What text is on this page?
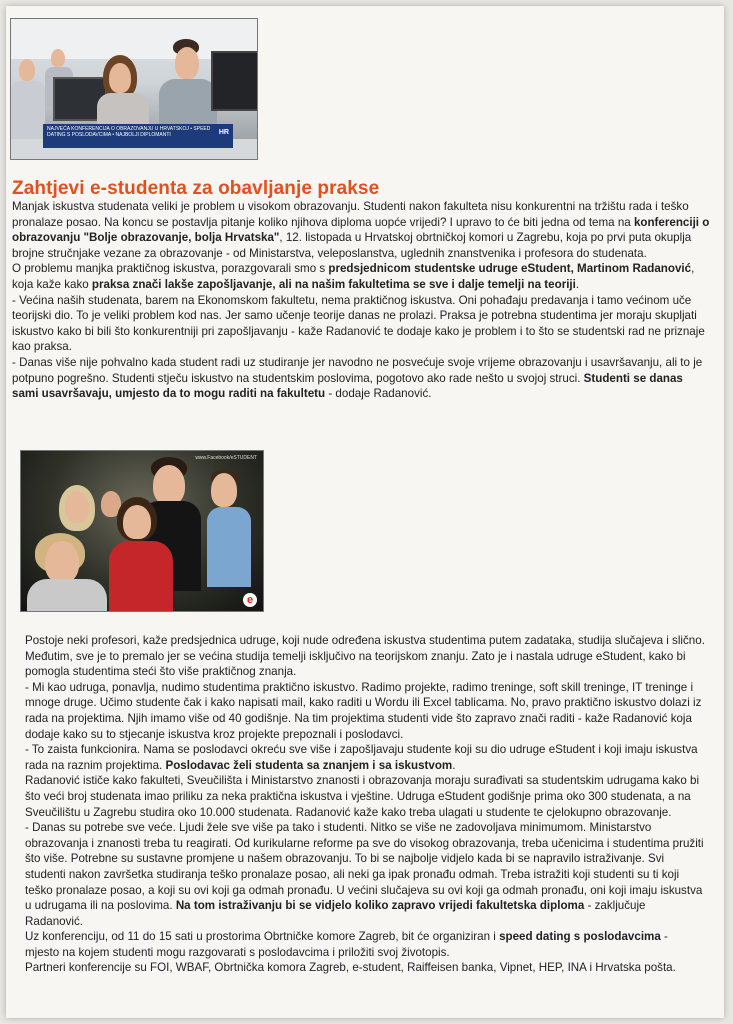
NAJVEĆA KONFERENCIJA O OBRAZOVANJU U HRVATSKOJ • SPEED DATING S POSLODAVCIMA • NAJBOLJI DIPLOMANTI	HR
Zahtjevi e-studenta za obavljanje prakse

Manjak iskustva studenata veliki je problem u visokom obrazovanju. Studenti nakon fakulteta nisu konkurentni na tržištu rada i teško pronalaze posao. Na koncu se postavlja pitanje koliko njihova diploma uopće vrijedi? I upravo to će biti jedna od tema na konferenciji o obrazovanju "Bolje obrazovanje, bolja Hrvatska", 12. listopada u Hrvatskoj obrtničkoj komori u Zagrebu, koja po prvi puta okuplja brojne stručnjake vezane za obrazovanje - od Ministarstva, veleposlanstva, uglednih znanstvenika i profesora do studenata.

O problemu manjka praktičnog iskustva, porazgovarali smo s predsjednicom studentske udruge eStudent, Martinom Radanović, koja kaže kako praksa znači lakše zapošljavanje, ali na našim fakultetima se sve i dalje temelji na teoriji.

- Većina naših studenata, barem na Ekonomskom fakultetu, nema praktičnog iskustva. Oni pohađaju predavanja i tamo većinom uče teorijski dio. To je veliki problem kod nas. Jer samo učenje teorije danas ne prolazi. Praksa je potrebna studentima jer moraju skupljati iskustvo kako bi bili što konkurentniji pri zapošljavanju - kaže Radanović te dodaje kako je problem i to što se studentski rad ne priznaje kao praksa.

- Danas više nije pohvalno kada student radi uz studiranje jer navodno ne posvećuje svoje vrijeme obrazovanju i usavršavanju, ali to je potpuno pogrešno. Studenti stječu iskustvo na studentskim poslovima, pogotovo ako rade nešto u svojoj struci. Studenti se danas sami usavršavaju, umjesto da to mogu raditi na fakultetu - dodaje Radanović.

www.Facebook/eSTUDENT
e

Postoje neki profesori, kaže predsjednica udruge, koji nude određena iskustva studentima putem zadataka, studija slučajeva i slično. Međutim, sve je to premalo jer se većina studija temelji isključivo na teorijskom znanju. Zato je i nastala udruge eStudent, kako bi pomogla studentima steći što više praktičnog znanja.

- Mi kao udruga, ponavlja, nudimo studentima praktično iskustvo. Radimo projekte, radimo treninge, soft skill treninge, IT treninge i mnoge druge. Učimo studente čak i kako napisati mail, kako raditi u Wordu ili Excel tablicama. No, pravo praktično iskustvo dolazi iz rada na projektima. Njih imamo više od 40 godišnje. Na tim projektima studenti vide što zapravo znači raditi - kaže Radanović koja dodaje kako su to stjecanje iskustva kroz projekte prepoznali i poslodavci.

- To zaista funkcionira. Nama se poslodavci okreću sve više i zapošljavaju studente koji su dio udruge eStudent i koji imaju iskustva rada na raznim projektima. Poslodavac želi studenta sa znanjem i sa iskustvom.

Radanović ističe kako fakulteti, Sveučilišta i Ministarstvo znanosti i obrazovanja moraju surađivati sa studentskim udrugama kako bi što veći broj studenata imao priliku za neka praktična iskustva i vještine. Udruga eStudent godišnje prima oko 300 studenata, a na Sveučilištu u Zagrebu studira oko 10.000 studenata. Radanović kaže kako treba ulagati u studente te cjelokupno obrazovanje.

- Danas su potrebe sve veće. Ljudi žele sve više pa tako i studenti. Nitko se više ne zadovoljava minimumom. Ministarstvo obrazovanja i znanosti treba tu reagirati. Od kurikularne reforme pa sve do visokog obrazovanja, treba učenicima i studentima pružiti što više. Potrebne su sustavne promjene u našem obrazovanju. To bi se najbolje vidjelo kada bi se napravilo istraživanje. Svi studenti nakon završetka studiranja teško pronalaze posao, ali neki ga ipak pronađu odmah. Treba istražiti koji studenti su ti koji teško pronalaze posao, a koji su ovi koji ga odmah pronađu. U većini slučajeva su ovi koji ga odmah pronađu, oni koji imaju iskustva u udrugama ili na poslovima. Na tom istraživanju bi se vidjelo koliko zapravo vrijedi fakultetska diploma - zaključuje Radanović.

Uz konferenciju, od 11 do 15 sati u prostorima Obrtničke komore Zagreb, bit će organiziran i speed dating s poslodavcima - mjesto na kojem studenti mogu razgovarati s poslodavcima i priložiti svoj životopis.

Partneri konferencije su FOI, WBAF, Obrtnička komora Zagreb, e-student, Raiffeisen banka, Vipnet, HEP, INA i Hrvatska pošta.
